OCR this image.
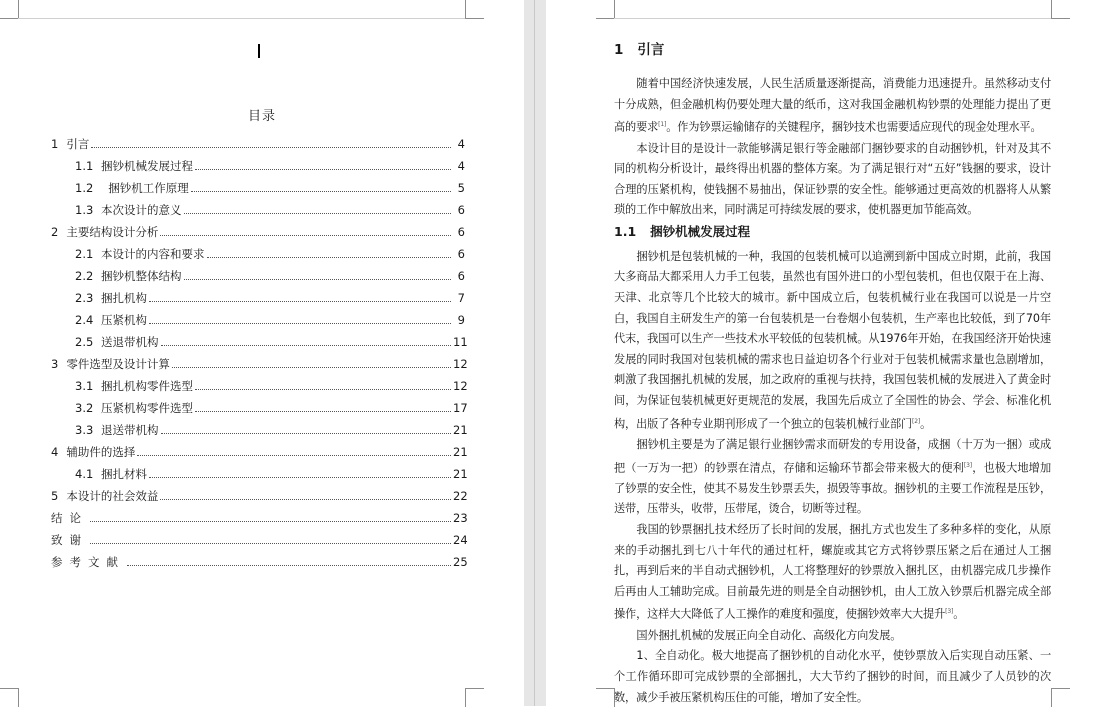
目录
1 引言	4
1.1 捆钞机械发展过程	4
1.2 捆钞机工作原理	5
1.3 本次设计的意义	6
2 主要结构设计分析	6
2.1 本设计的内容和要求	6
2.2 捆钞机整体结构	6
2.3 捆扎机构	7
2.4 压紧机构	9
2.5 送退带机构	11
3 零件选型及设计计算	12
3.1 捆扎机构零件选型	12
3.2 压紧机构零件选型	17
3.3 退送带机构	21
4 辅助件的选择	21
4.1 捆扎材料	21
5 本设计的社会效益	22
结论	23
致谢	24
参考文献	25
1 引言

随着中国经济快速发展，人民生活质量逐渐提高，消费能力迅速提升。虽然移动支付十分成熟，但金融机构仍要处理大量的纸币，这对我国金融机构钞票的处理能力提出了更高的要求[1]。作为钞票运输储存的关键程序，捆钞技术也需要适应现代的现金处理水平。

本设计目的是设计一款能够满足银行等金融部门捆钞要求的自动捆钞机，针对及其不同的机构分析设计，最终得出机器的整体方案。为了满足银行对“五好”钱捆的要求，设计合理的压紧机构，使钱捆不易抽出，保证钞票的安全性。能够通过更高效的机器将人从繁琐的工作中解放出来，同时满足可持续发展的要求，使机器更加节能高效。

1.1 捆钞机械发展过程

捆钞机是包装机械的一种，我国的包装机械可以追溯到新中国成立时期，此前，我国大多商品大都采用人力手工包装，虽然也有国外进口的小型包装机，但也仅限于在上海、天津、北京等几个比较大的城市。新中国成立后，包装机械行业在我国可以说是一片空白，我国自主研发生产的第一台包装机是一台卷烟小包装机，生产率也比较低，到了70年代末，我国可以生产一些技术水平较低的包装机械。从1976年开始，在我国经济开始快速发展的同时我国对包装机械的需求也日益迫切各个行业对于包装机械需求量也急剧增加，刺激了我国捆扎机械的发展，加之政府的重视与扶持，我国包装机械的发展进入了黄金时间，为保证包装机械更好更规范的发展，我国先后成立了全国性的协会、学会、标准化机构，出版了各种专业期刊形成了一个独立的包装机械行业部门[2]。

捆钞机主要是为了满足银行业捆钞需求而研发的专用设备，成捆（十万为一捆）或成把（一万为一把）的钞票在清点，存储和运输环节都会带来极大的便利[3]，也极大地增加了钞票的安全性，使其不易发生钞票丢失，损毁等事故。捆钞机的主要工作流程是压钞，送带，压带头，收带，压带尾，烫合，切断等过程。

我国的钞票捆扎技术经历了长时间的发展，捆扎方式也发生了多种多样的变化，从原来的手动捆扎到七八十年代的通过杠杆，螺旋或其它方式将钞票压紧之后在通过人工捆扎，再到后来的半自动式捆钞机，人工将整理好的钞票放入捆扎区，由机器完成几步操作后再由人工辅助完成。目前最先进的则是全自动捆钞机，由人工放入钞票后机器完成全部操作，这样大大降低了人工操作的难度和强度，使捆钞效率大大提升[3]。

国外捆扎机械的发展正向全自动化、高级化方向发展。

1、全自动化。极大地提高了捆钞机的自动化水平，使钞票放入后实现自动压紧、一个工作循环即可完成钞票的全部捆扎，大大节约了捆钞的时间，而且减少了人员钞的次数，减少手被压紧机构压住的可能，增加了安全性。
